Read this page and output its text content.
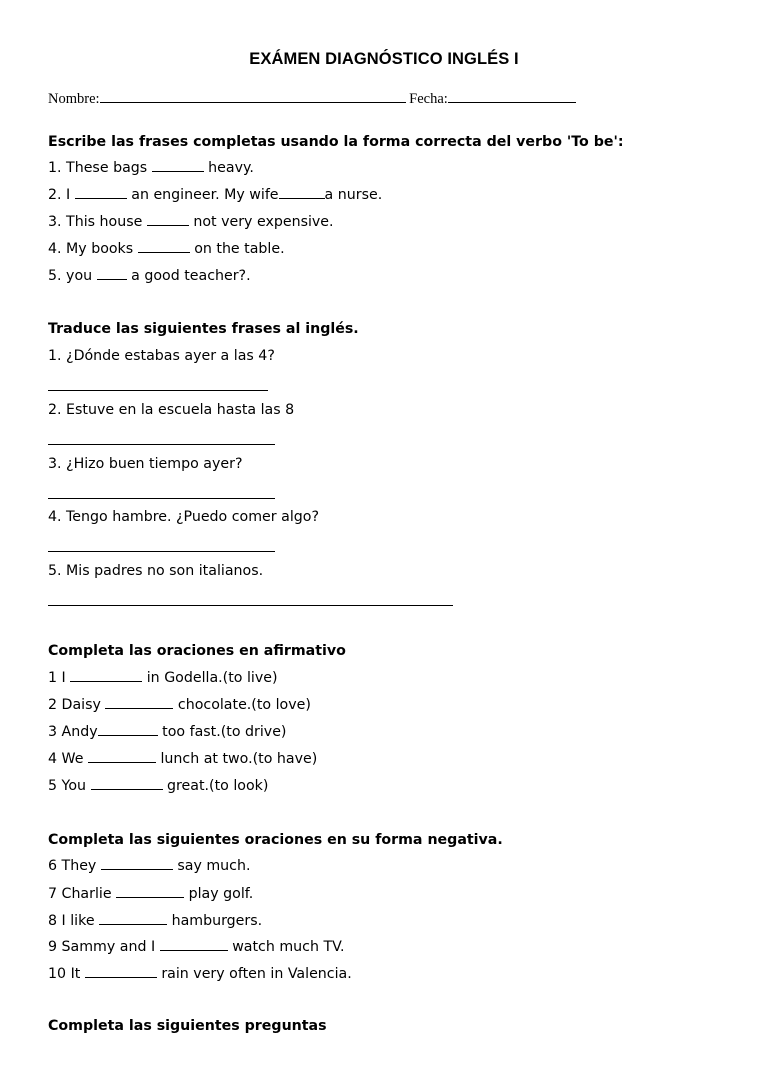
EXÁMEN DIAGNÓSTICO INGLÉS I
Nombre:	Fecha:
Escribe las frases completas usando la forma correcta del verbo 'To be':
1. These bags	heavy.
2. I	an engineer. My wife	a nurse.
3. This house	not very expensive.
4. My books	on the table.
5. you  a good teacher?.
Traduce las siguientes frases al inglés.
1. ¿Dónde estabas ayer a las 4?
2. Estuve en la escuela hasta las 8
3. ¿Hizo buen tiempo ayer?
4. Tengo hambre. ¿Puedo comer algo?
5. Mis padres no son italianos.
Completa las oraciones en afirmativo
1 I	in Godella.(to live)
2 Daisy	chocolate.(to love)
3 Andy	too fast.(to drive)
4 We	lunch at two.(to have)
5 You	great.(to look)
Completa las siguientes oraciones en su forma negativa.
6 They	say much.
7 Charlie	play golf.
8 I like	hamburgers.
9 Sammy and I	watch much TV.
10 It	rain very often in Valencia.
Completa las siguientes preguntas
